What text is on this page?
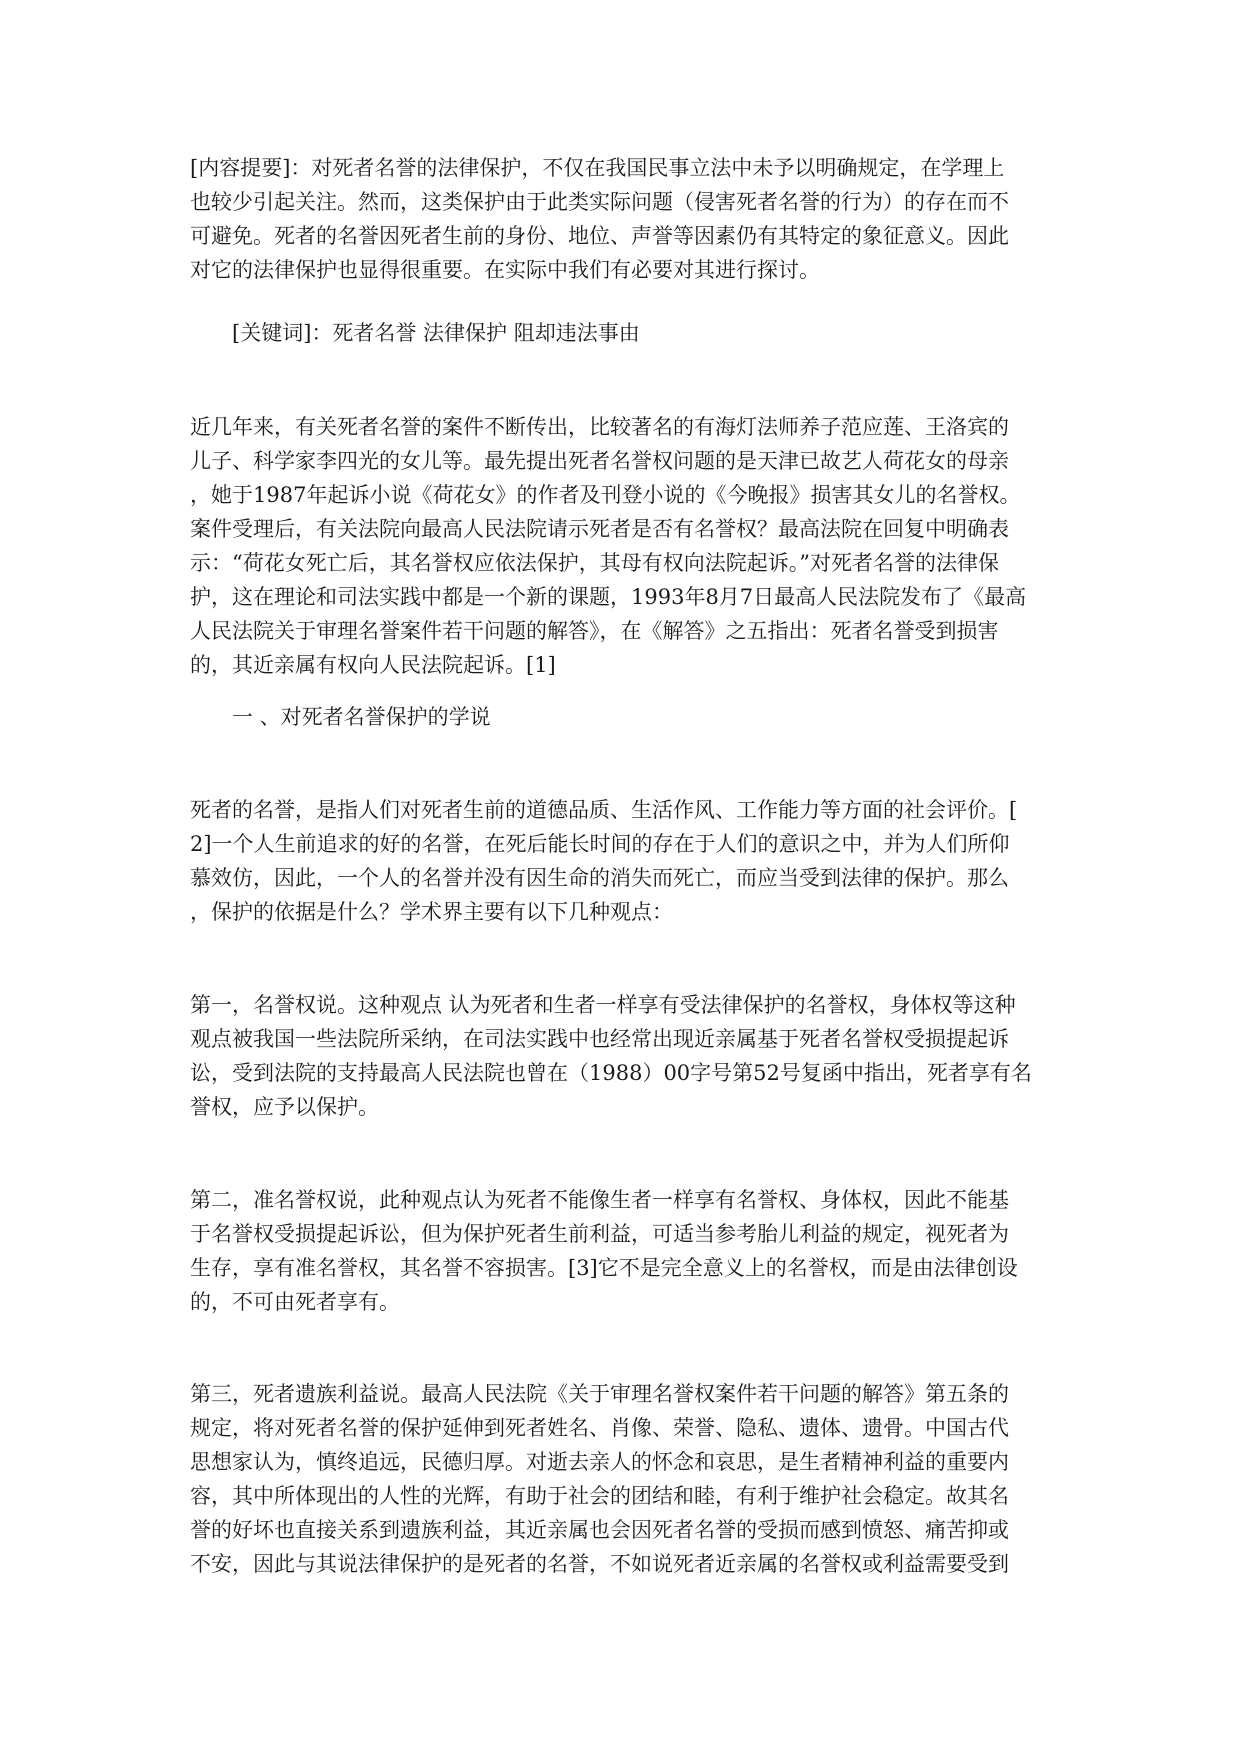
[内容提要]：对死者名誉的法律保护，不仅在我国民事立法中未予以明确规定，在学理上
也较少引起关注。然而，这类保护由于此类实际问题（侵害死者名誉的行为）的存在而不
可避免。死者的名誉因死者生前的身份、地位、声誉等因素仍有其特定的象征意义。因此
对它的法律保护也显得很重要。在实际中我们有必要对其进行探讨。
[关键词]：死者名誉 法律保护 阻却违法事由
近几年来，有关死者名誉的案件不断传出，比较著名的有海灯法师养子范应莲、王洛宾的
儿子、科学家李四光的女儿等。最先提出死者名誉权问题的是天津已故艺人荷花女的母亲
，她于1987年起诉小说《荷花女》的作者及刊登小说的《今晚报》损害其女儿的名誉权。
案件受理后，有关法院向最高人民法院请示死者是否有名誉权？最高法院在回复中明确表
示：“荷花女死亡后，其名誉权应依法保护，其母有权向法院起诉。”对死者名誉的法律保
护，这在理论和司法实践中都是一个新的课题，1993年8月7日最高人民法院发布了《最高
人民法院关于审理名誉案件若干问题的解答》，在《解答》之五指出：死者名誉受到损害
的，其近亲属有权向人民法院起诉。[1]
一 、对死者名誉保护的学说
死者的名誉，是指人们对死者生前的道德品质、生活作风、工作能力等方面的社会评价。[
2]一个人生前追求的好的名誉，在死后能长时间的存在于人们的意识之中，并为人们所仰
慕效仿，因此，一个人的名誉并没有因生命的消失而死亡，而应当受到法律的保护。那么
，保护的依据是什么？学术界主要有以下几种观点：
第一，名誉权说。这种观点 认为死者和生者一样享有受法律保护的名誉权，身体权等这种
观点被我国一些法院所采纳，在司法实践中也经常出现近亲属基于死者名誉权受损提起诉
讼，受到法院的支持最高人民法院也曾在（1988）00字号第52号复函中指出，死者享有名
誉权，应予以保护。
第二，准名誉权说，此种观点认为死者不能像生者一样享有名誉权、身体权，因此不能基
于名誉权受损提起诉讼，但为保护死者生前利益，可适当参考胎儿利益的规定，视死者为
生存，享有准名誉权，其名誉不容损害。[3]它不是完全意义上的名誉权，而是由法律创设
的，不可由死者享有。
第三，死者遗族利益说。最高人民法院《关于审理名誉权案件若干问题的解答》第五条的
规定，将对死者名誉的保护延伸到死者姓名、肖像、荣誉、隐私、遗体、遗骨。中国古代
思想家认为，慎终追远，民德归厚。对逝去亲人的怀念和哀思，是生者精神利益的重要内
容，其中所体现出的人性的光辉，有助于社会的团结和睦，有利于维护社会稳定。故其名
誉的好坏也直接关系到遗族利益，其近亲属也会因死者名誉的受损而感到愤怒、痛苦抑或
不安，因此与其说法律保护的是死者的名誉，不如说死者近亲属的名誉权或利益需要受到
